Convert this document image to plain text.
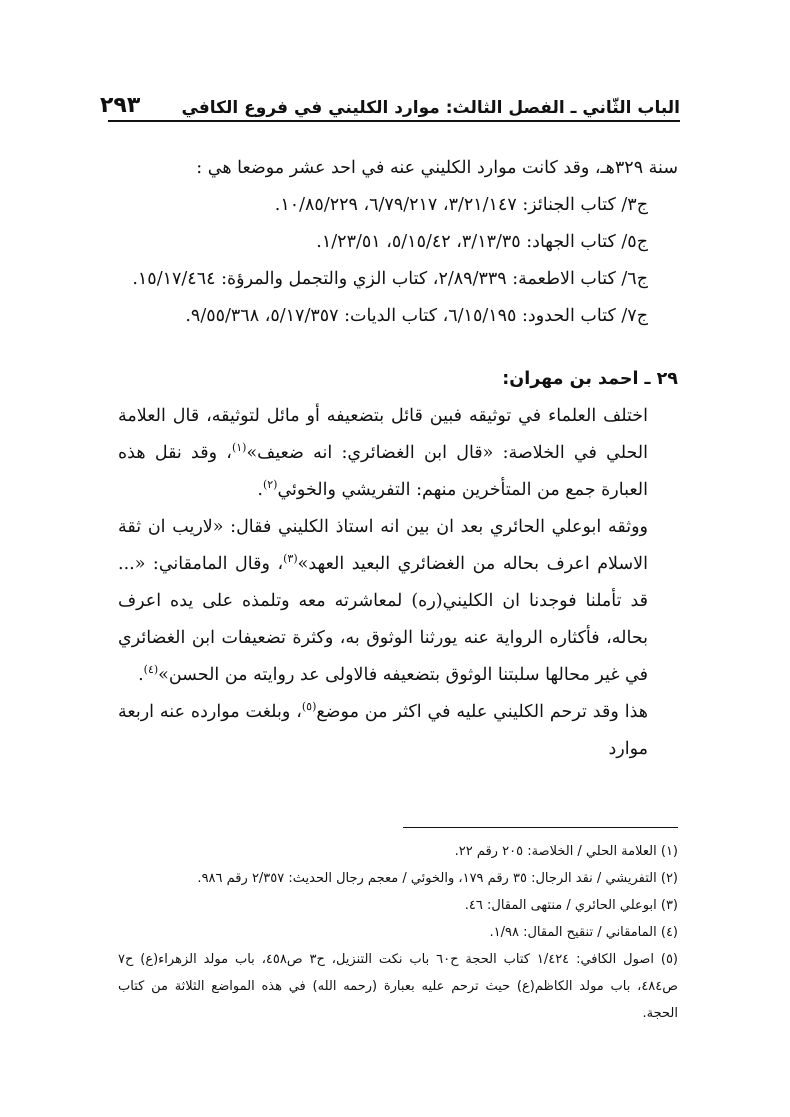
الباب الثّاني ـ الفصل الثالث: موارد الكليني في فروع الكافي
٢٩٣

سنة ٣٢٩هـ، وقد كانت موارد الكليني عنه في احد عشر موضعا هي :

ج٣/ كتاب الجنائز: ٣/٢١/١٤٧، ٦/٧٩/٢١٧، ١٠/٨٥/٢٢٩.

ج٥/ كتاب الجهاد: ٣/١٣/٣٥، ٥/١٥/٤٢، ١/٢٣/٥١.

ج٦/ كتاب الاطعمة: ٢/٨٩/٣٣٩، كتاب الزي والتجمل والمرؤة: ١٥/١٧/٤٦٤.

ج٧/ كتاب الحدود: ٦/١٥/١٩٥، كتاب الديات: ٥/١٧/٣٥٧، ٩/٥٥/٣٦٨.

٢٩ ـ احمد بن مهران:

اختلف العلماء في توثيقه فبين قائل بتضعيفه أو مائل لتوثيقه، قال العلامة الحلي في الخلاصة: «قال ابن الغضائري: انه ضعيف»$^{(١)}$، وقد نقل هذه العبارة جمع من المتأخرين منهم: التفريشي والخوئي$^{(٢)}$.

ووثقه ابوعلي الحائري بعد ان بين انه استاذ الكليني فقال: «لاريب ان ثقة الاسلام اعرف بحاله من الغضائري البعيد العهد»$^{(٣)}$، وقال المامقاني: «... قد تأملنا فوجدنا ان الكليني(ره) لمعاشرته معه وتلمذه على يده اعرف بحاله، فأكثاره الرواية عنه يورثنا الوثوق به، وكثرة تضعيفات ابن الغضائري في غير محالها سلبتنا الوثوق بتضعيفه فالاولى عد روايته من الحسن»$^{(٤)}$.

هذا وقد ترحم الكليني عليه في اكثر من موضع$^{(٥)}$، وبلغت موارده عنه اربعة موارد

(١) العلامة الحلي / الخلاصة: ٢٠٥ رقم ٢٢.

(٢) التفريشي / نقد الرجال: ٣٥ رقم ١٧٩، والخوئي / معجم رجال الحديث: ٢/٣٥٧ رقم ٩٨٦.

(٣) ابوعلي الحائري / منتهى المقال: ٤٦.

(٤) المامقاني / تنقيح المقال: ١/٩٨.

(٥) اصول الكافي: ١/٤٢٤ كتاب الحجة ح٦٠ باب نكت التنزيل، ح٣ ص٤٥٨، باب مولد الزهراء(ع) ح٧ ص٤٨٤، باب مولد الكاظم(ع) حيث ترحم عليه بعبارة (رحمه الله) في هذه المواضع الثلاثة من كتاب الحجة.
